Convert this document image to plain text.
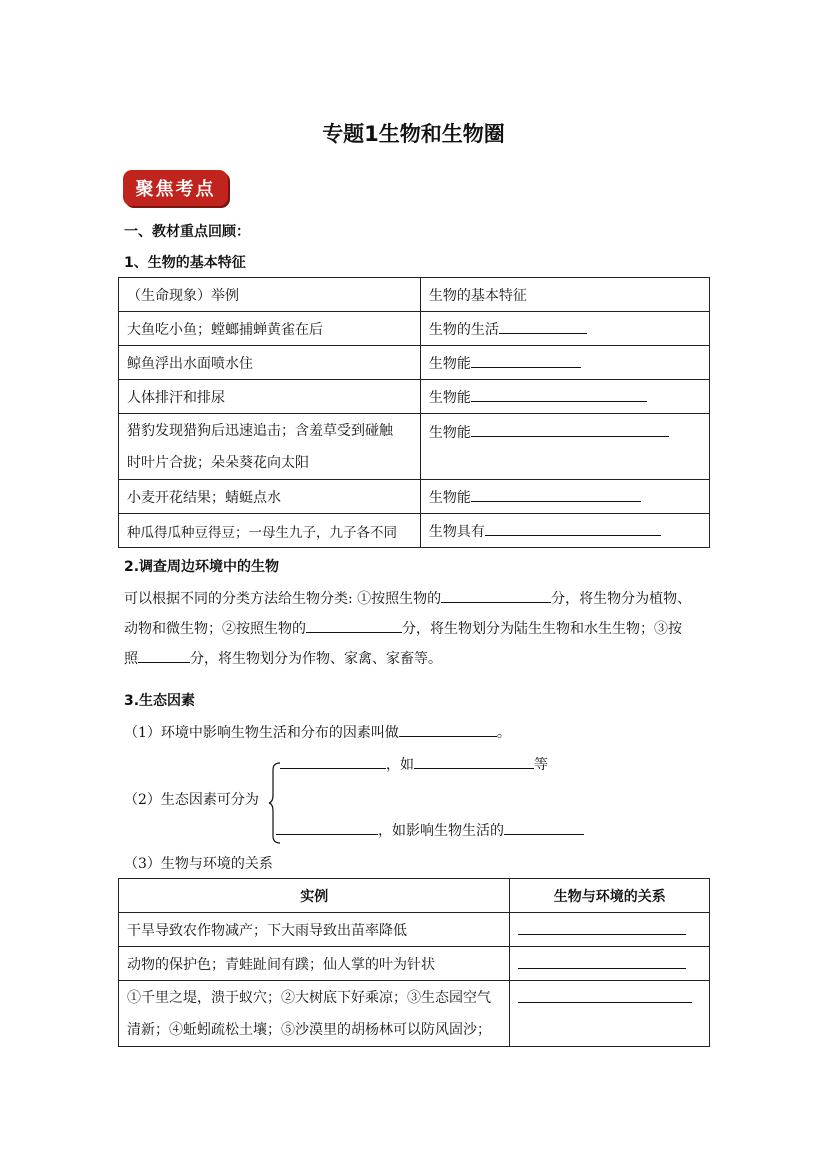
专题1生物和生物圈
聚焦考点
一、教材重点回顾：
1、生物的基本特征
（生命现象）举例	生物的基本特征
大鱼吃小鱼；螳螂捕蝉黄雀在后	生物的生活
鲸鱼浮出水面喷水住	生物能
人体排汗和排尿	生物能

猎豹发现猎狗后迅速追击；含羞草受到碰触
时叶片合拢；朵朵葵花向太阳	生物能
小麦开花结果；蜻蜓点水	生物能
种瓜得瓜种豆得豆；一母生九子，九子各不同	生物具有
2.调查周边环境中的生物
可以根据不同的分类方法给生物分类: ①按照生物的	分，将生物分为植物、
动物和微生物；②按照生物的	分，将生物划分为陆生生物和水生生物；③按
照	分，将生物划分为作物、家禽、家畜等。
3.生态因素
（1）环境中影响生物生活和分布的因素叫做	。
（2）生态因素可分为
，如	等
，如影响生物生活的
（3）生物与环境的关系
实例	生物与环境的关系
干旱导致农作物减产；下大雨导致出苗率降低	
动物的保护色；青蛙趾间有蹼；仙人掌的叶为针状	

①千里之堤，溃于蚁穴；②大树底下好乘凉；③生态园空气
清新；④蚯蚓疏松土壤；⑤沙漠里的胡杨林可以防风固沙；	
